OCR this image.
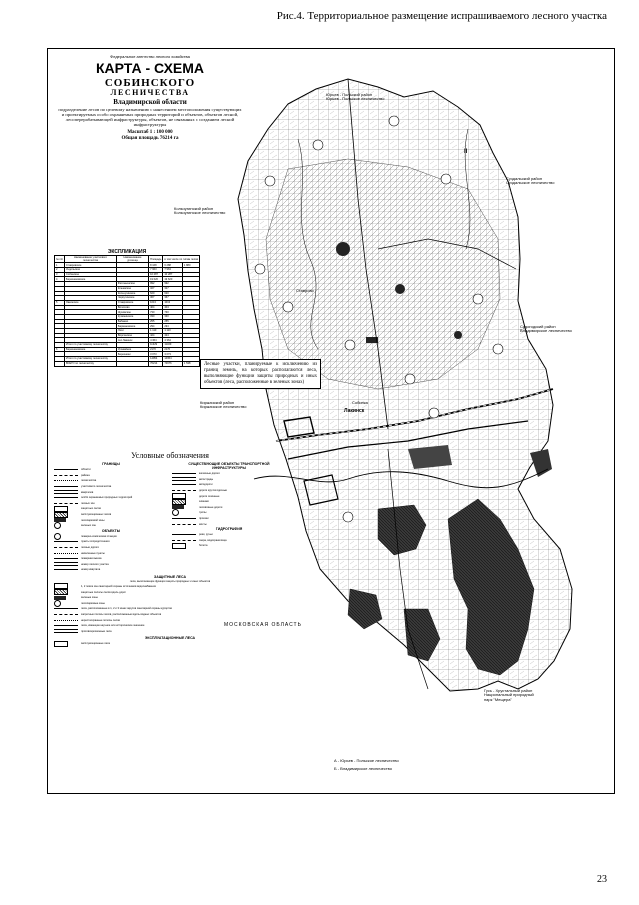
Рис.4. Территориальное размещение испрашиваемого лесного участка
Федеральное агентство лесного хозяйства
КАРТА - СХЕМА
СОБИНСКОГО
ЛЕСНИЧЕСТВА
Владимирской области
подразделение лесов по целевому назначению с нанесением местоположения существующих и проектируемых особо охраняемых природных территорий и объектов, объектов лесной, лесоперерабатывающей инфраструктуры, объектов, не связанных с созданием лесной инфраструктуры
Масштаб 1 : 100 000
Общая площадь 76214 га
ЭКСПЛИКАЦИЯ
№ п/п	Наименование участкового лесничества	Наименование урочища	Площадь	в том числе по типам лесов	
1	Ставровское		8 168	6 288	1 880
2	Ундольское		7 963	7 963	
3	Собинское		10 287	10 287	
4	Березниковское		19 620	19 620	
		Фетиньинское	992	992	
		Клюевское	327	327	
		Кольчугинское	620	620	
		Черкутинское	367	367	
5	Лакинское	Ставровское	1013	1013	
		Волосово	404	404	
		Жуковское	730	730	
		Куземинское	330	330	
		Бабаево	255	255	
		Бармановское	294	294	
		Ляхи	1 110	1 110	
		Ворсинское	424	424	
		пос.Лакинск	4 364	4 364	
	Итого по участковому лесничеству		11329	11329	
6	Березниковское	Урожайное	2170	2170	
		Березники	3 073	3 073	
	Итого по участковому лесничеству		14954	14954	
	ВСЕГО по лесничеству		76214	74676	1 538	Лесные участки, планируемые к исключению из границ земель, на которых располагаются леса, выполняющие функции защиты природных и иных объектов (леса, расположенные в зеленых зонах)
Условные обозначения
ГРАНИЦЫ
области
района
лесничества
участкового лесничества
кварталов
особо охраняемых природных территорий
лесных зон
защитных лесов
эксплуатационных лесов
лесопарковой зоны
зеленых зон
ОБЪЕКТЫ
пожарно-химическая станция
пункты сосредоточения
лесные дороги
населенные пункты
пожарная вышка
номер лесного участка
номер квартала
СУЩЕСТВУЮЩИЕ ОБЪЕКТЫ ТРАНСПОРТНОЙ ИНФРАСТРУКТУРЫ
железные дороги
автострады
автодороги
дороги круглогодичные
дороги сезонные
зимники
лесовозные дороги
тропы
просеки
мосты
ГИДРОГРАФИЯ
реки, ручьи
озера, водохранилища
болота
ЗАЩИТНЫЕ ЛЕСА
леса, выполняющие функции защиты природных и иных объектов
1, 2 пояса зон санитарной охраны источников водоснабжения
защитные полосы лесов вдоль дорог
зеленые зоны
лесопарковые зоны
леса, расположенные в 1, 2 и 3 зонах округов санитарной охраны курортов
запретные полосы лесов, расположенные вдоль водных объектов
нерестоохранные полосы лесов
леса, имеющие научное или историческое значение
противоэрозионные леса
ЭКСПЛУАТАЦИОННЫЕ ЛЕСА
эксплуатационные леса
Юрьев - Польский район
Юрьев - Польское лесничество
Суздальский район
Суздальское лесничество
Кольчугинский район
Кольчугинское лесничество
Судогодский район
Владимирское лесничество
Киржачский район
Киржачское лесничество
МОСКОВСКАЯ ОБЛАСТЬ
Гусь - Хрустальный район
Национальный природный
парк "Мещера"
Ставрово
Собинка
Лакинск
II
А - Юрьев - Польское лесничество
Б - Владимирское лесничество
23
